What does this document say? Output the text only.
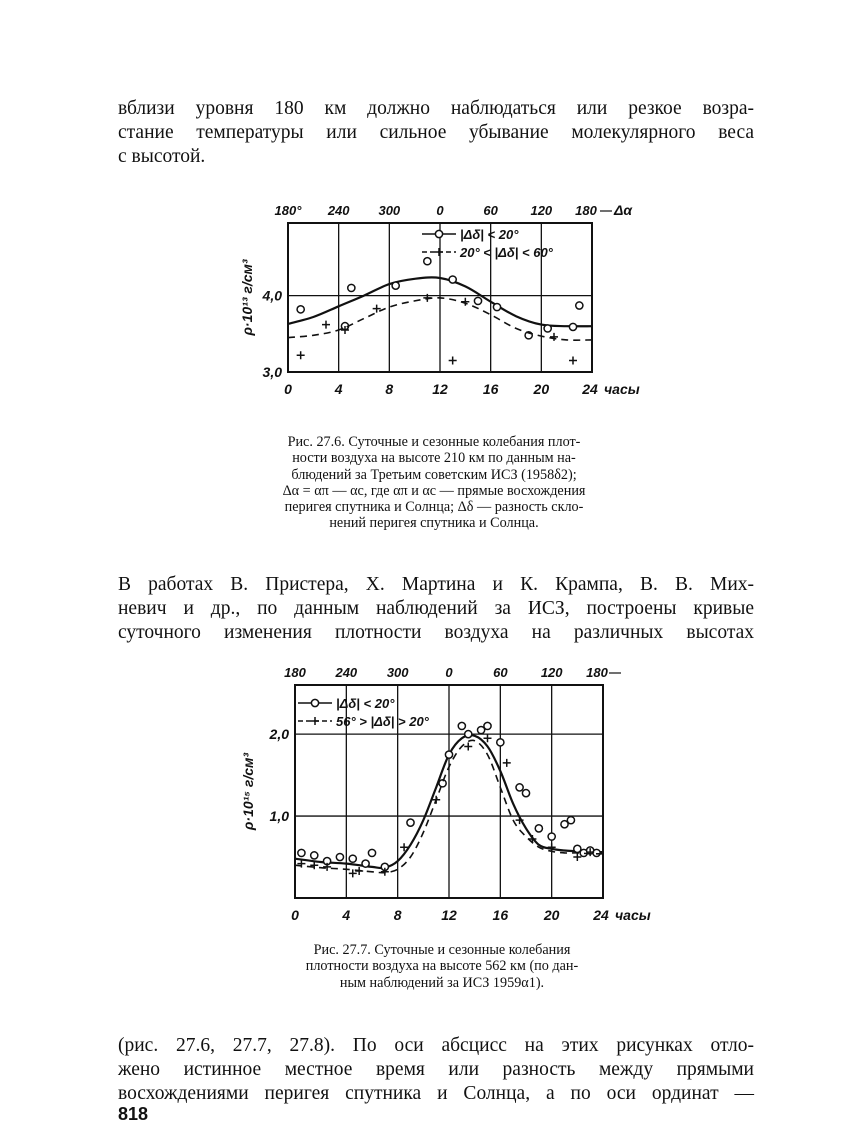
вблизи уровня 180 км должно наблюдаться или резкое возра-
стание температуры или сильное убывание молекулярного веса
с высотой.
0	4	8	12	16	20 24 часы
180° 240 300	0	60	120 180 Δα
3,0
4,0
ρ·10¹³ г/см³
|Δδ| < 20°
20° < |Δδ| < 60°
Рис. 27.6. Суточные и сезонные колебания плот-
ности воздуха на высоте 210 км по данным на-
блюдений за Третьим советским ИСЗ (1958δ2);
Δα = απ — αс, где απ и αс — прямые восхождения
перигея спутника и Солнца; Δδ — разность скло-
нений перигея спутника и Солнца.
В работах В. Пристера, Х. Мартина и К. Крампа, В. В. Мих-
невич и др., по данным наблюдений за ИСЗ, построены кривые
суточного изменения плотности воздуха на различных высотах
0	4	8	12	16	20 24 часы
180 240 300	0	60	120 180
1,0
2,0
ρ·10¹⁵ г/см³
|Δδ| < 20°
56° > |Δδ| > 20°
Рис. 27.7. Суточные и сезонные колебания
плотности воздуха на высоте 562 км (по дан-
ным наблюдений за ИСЗ 1959α1).
(рис. 27.6, 27.7, 27.8). По оси абсцисс на этих рисунках отло-
жено истинное местное время или разность между прямыми
восхождениями перигея спутника и Солнца, а по оси ординат —
818
